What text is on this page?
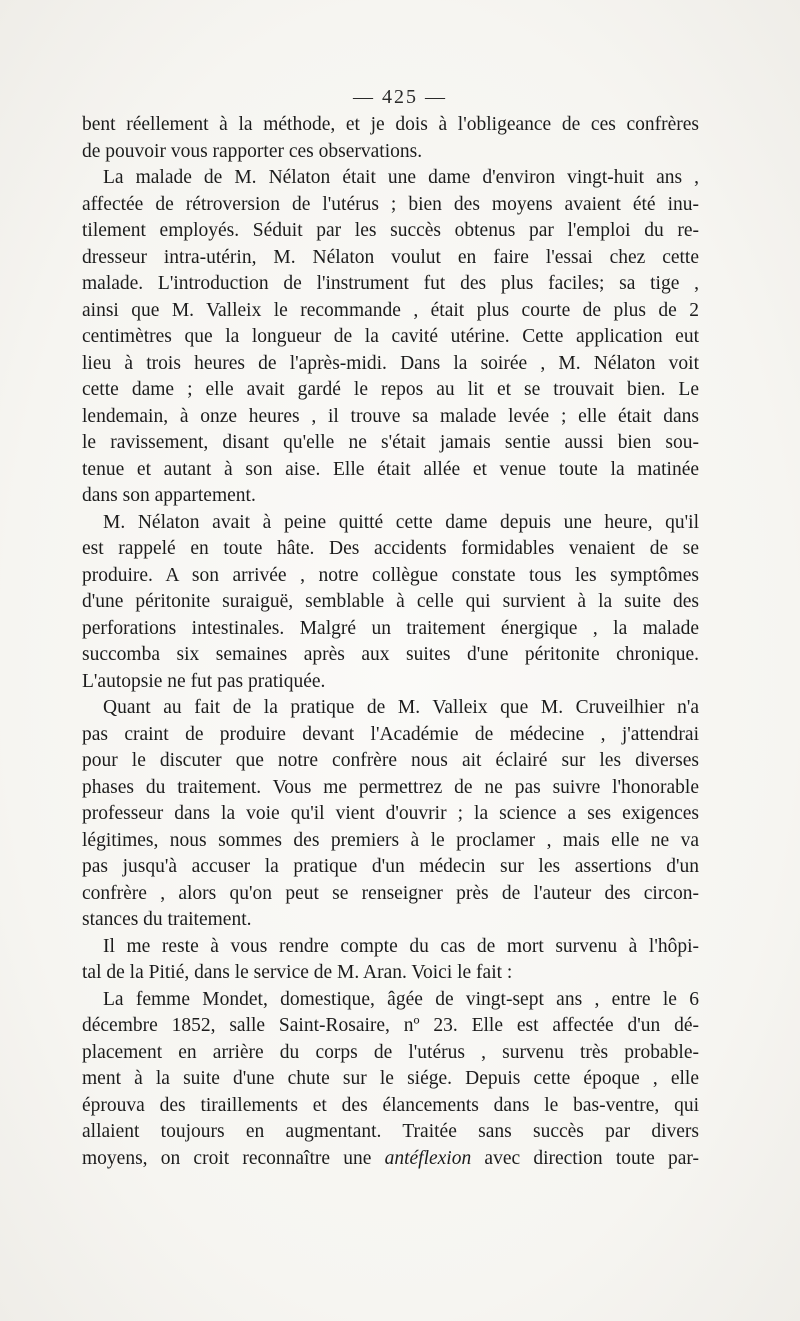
— 425 —
bent réellement à la méthode, et je dois à l'obligeance de ces confrères
de pouvoir vous rapporter ces observations.
La malade de M. Nélaton était une dame d'environ vingt-huit ans ,
affectée de rétroversion de l'utérus ; bien des moyens avaient été inu-
tilement employés. Séduit par les succès obtenus par l'emploi du re-
dresseur intra-utérin, M. Nélaton voulut en faire l'essai chez cette
malade. L'introduction de l'instrument fut des plus faciles; sa tige ,
ainsi que M. Valleix le recommande , était plus courte de plus de 2
centimètres que la longueur de la cavité utérine. Cette application eut
lieu à trois heures de l'après-midi. Dans la soirée , M. Nélaton voit
cette dame ; elle avait gardé le repos au lit et se trouvait bien. Le
lendemain, à onze heures , il trouve sa malade levée ; elle était dans
le ravissement, disant qu'elle ne s'était jamais sentie aussi bien sou-
tenue et autant à son aise. Elle était allée et venue toute la matinée
dans son appartement.
M. Nélaton avait à peine quitté cette dame depuis une heure, qu'il
est rappelé en toute hâte. Des accidents formidables venaient de se
produire. A son arrivée , notre collègue constate tous les symptômes
d'une péritonite suraiguë, semblable à celle qui survient à la suite des
perforations intestinales. Malgré un traitement énergique , la malade
succomba six semaines après aux suites d'une péritonite chronique.
L'autopsie ne fut pas pratiquée.
Quant au fait de la pratique de M. Valleix que M. Cruveilhier n'a
pas craint de produire devant l'Académie de médecine , j'attendrai
pour le discuter que notre confrère nous ait éclairé sur les diverses
phases du traitement. Vous me permettrez de ne pas suivre l'honorable
professeur dans la voie qu'il vient d'ouvrir ; la science a ses exigences
légitimes, nous sommes des premiers à le proclamer , mais elle ne va
pas jusqu'à accuser la pratique d'un médecin sur les assertions d'un
confrère , alors qu'on peut se renseigner près de l'auteur des circon-
stances du traitement.
Il me reste à vous rendre compte du cas de mort survenu à l'hôpi-
tal de la Pitié, dans le service de M. Aran. Voici le fait :
La femme Mondet, domestique, âgée de vingt-sept ans , entre le 6
décembre 1852, salle Saint-Rosaire, nº 23. Elle est affectée d'un dé-
placement en arrière du corps de l'utérus , survenu très probable-
ment à la suite d'une chute sur le siége. Depuis cette époque , elle
éprouva des tiraillements et des élancements dans le bas-ventre, qui
allaient toujours en augmentant. Traitée sans succès par divers
moyens, on croit reconnaître une antéflexion avec direction toute par-
